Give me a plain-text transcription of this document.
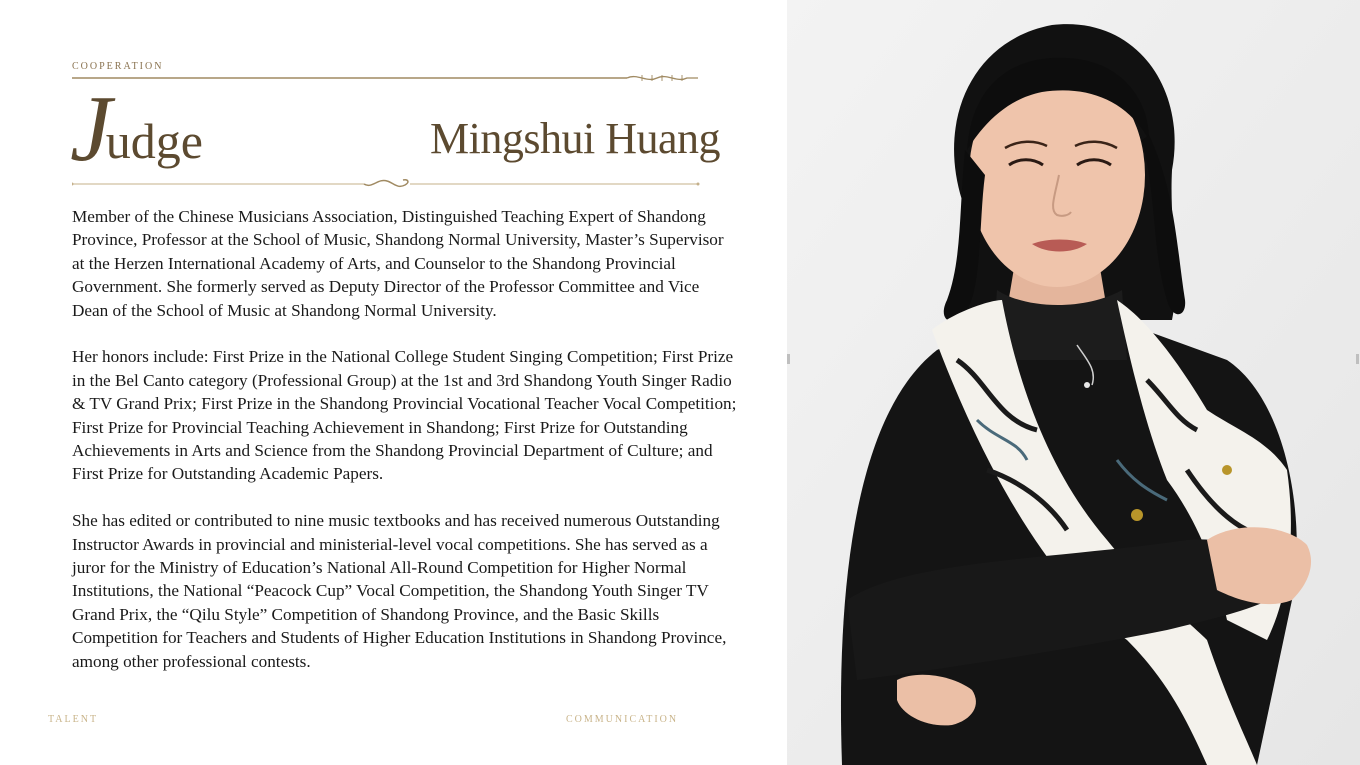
COOPERATION
Judge	Mingshui Huang

Member of the Chinese Musicians Association, Distinguished Teaching Expert of Shandong Province, Professor at the School of Music, Shandong Normal University, Master’s Supervisor at the Herzen International Academy of Arts, and Counselor to the Shandong Provincial Government. She formerly served as Deputy Director of the Professor Committee and Vice Dean of the School of Music at Shandong Normal University.

Her honors include: First Prize in the National College Student Singing Competition; First Prize in the Bel Canto category (Professional Group) at the 1st and 3rd Shandong Youth Singer Radio & TV Grand Prix; First Prize in the Shandong Provincial Vocational Teacher Vocal Competition; First Prize for Provincial Teaching Achievement in Shandong; First Prize for Outstanding Achievements in Arts and Science from the Shandong Provincial Department of Culture; and First Prize for Outstanding Academic Papers.

She has edited or contributed to nine music textbooks and has received numerous Outstanding Instructor Awards in provincial and ministerial-level vocal competitions. She has served as a juror for the Ministry of Education’s National All-Round Competition for Higher Normal Institutions, the National “Peacock Cup” Vocal Competition, the Shandong Youth Singer TV Grand Prix, the “Qilu Style” Competition of Shandong Province, and the Basic Skills Competition for Teachers and Students of Higher Education Institutions in Shandong Province, among other professional contests.

TALENT	COMMUNICATION
